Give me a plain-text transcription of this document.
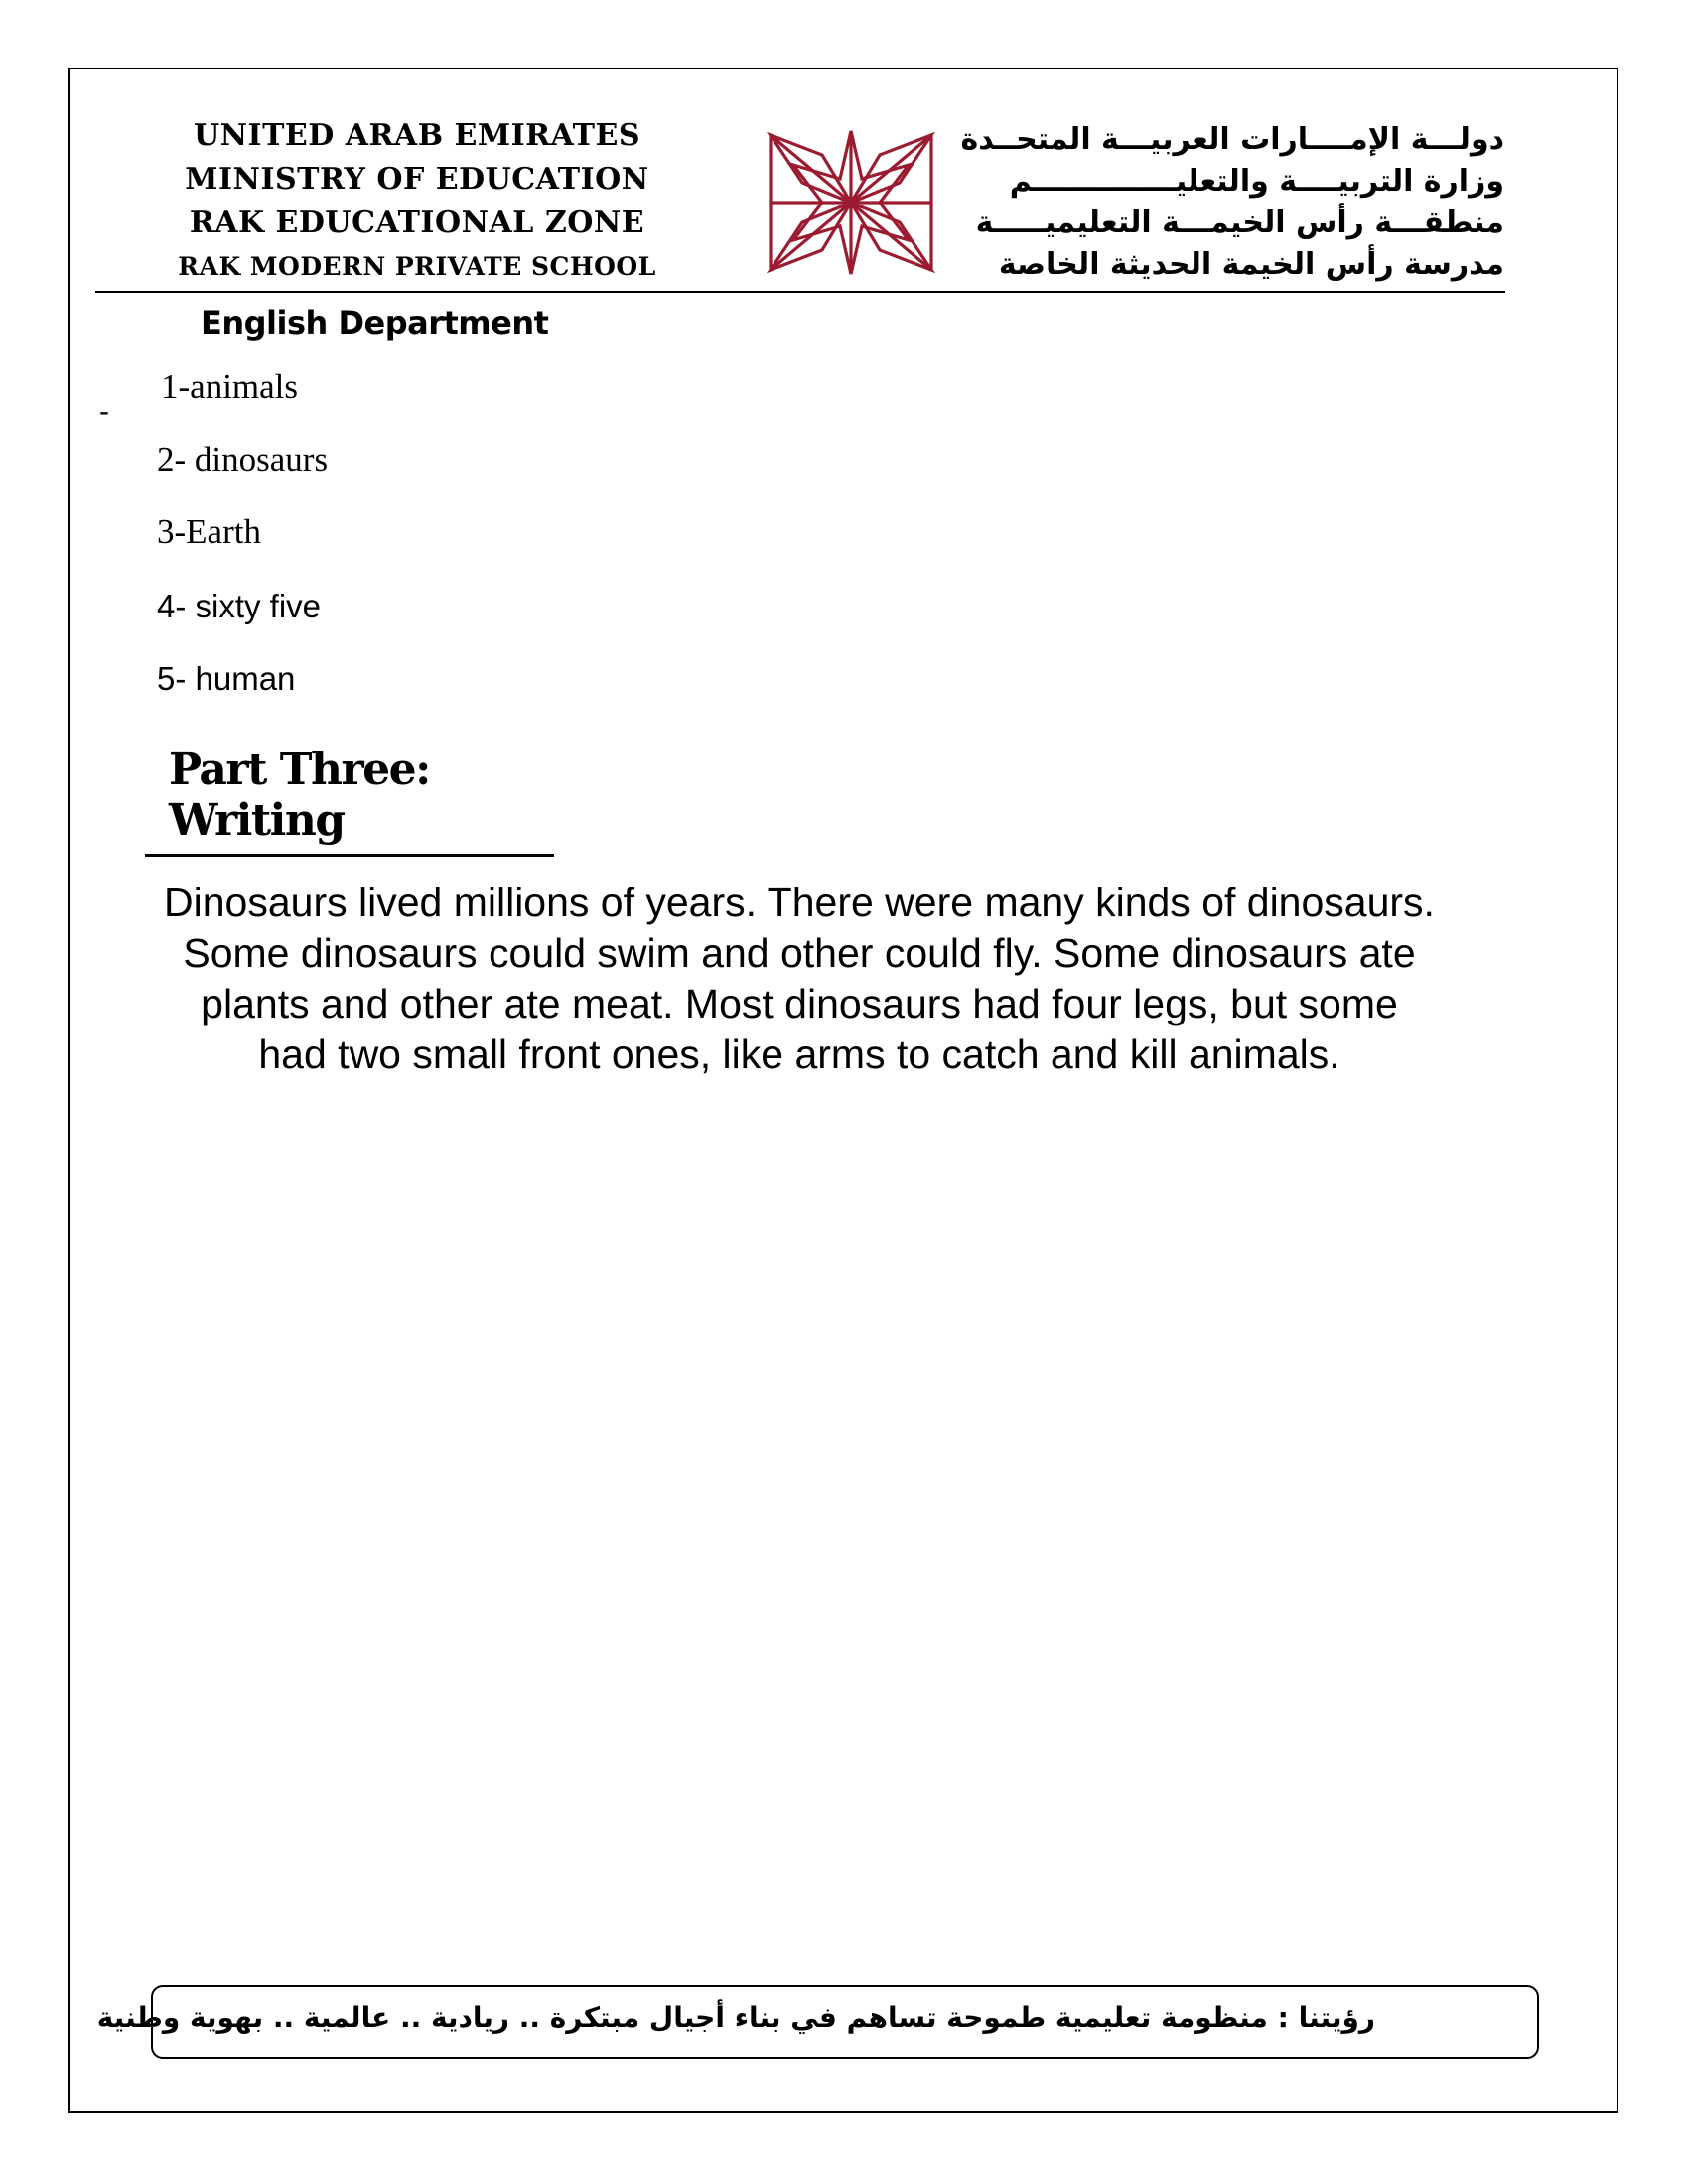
UNITED ARAB EMIRATES
MINISTRY OF EDUCATION
RAK EDUCATIONAL ZONE
RAK MODERN PRIVATE SCHOOL
دولـــة الإمــــارات العربيـــة المتحــدة
وزارة التربيــــة والتعليــــــــــــــم
منطقـــة رأس الخيمـــة التعليميـــــة
مدرسة رأس الخيمة الحديثة الخاصة
English Department
-
1-animals
2- dinosaurs
3-Earth
4- sixty five
5- human
Part Three: Writing
Dinosaurs lived millions of years. There were many kinds of dinosaurs.
Some dinosaurs could swim and other could fly. Some dinosaurs ate
plants and other ate meat. Most dinosaurs had four legs, but some
had two small front ones, like arms to catch and kill animals.
رؤيتنا : منظومة تعليمية طموحة تساهم في بناء أجيال مبتكرة .. ريادية .. عالمية .. بهوية وطنية
